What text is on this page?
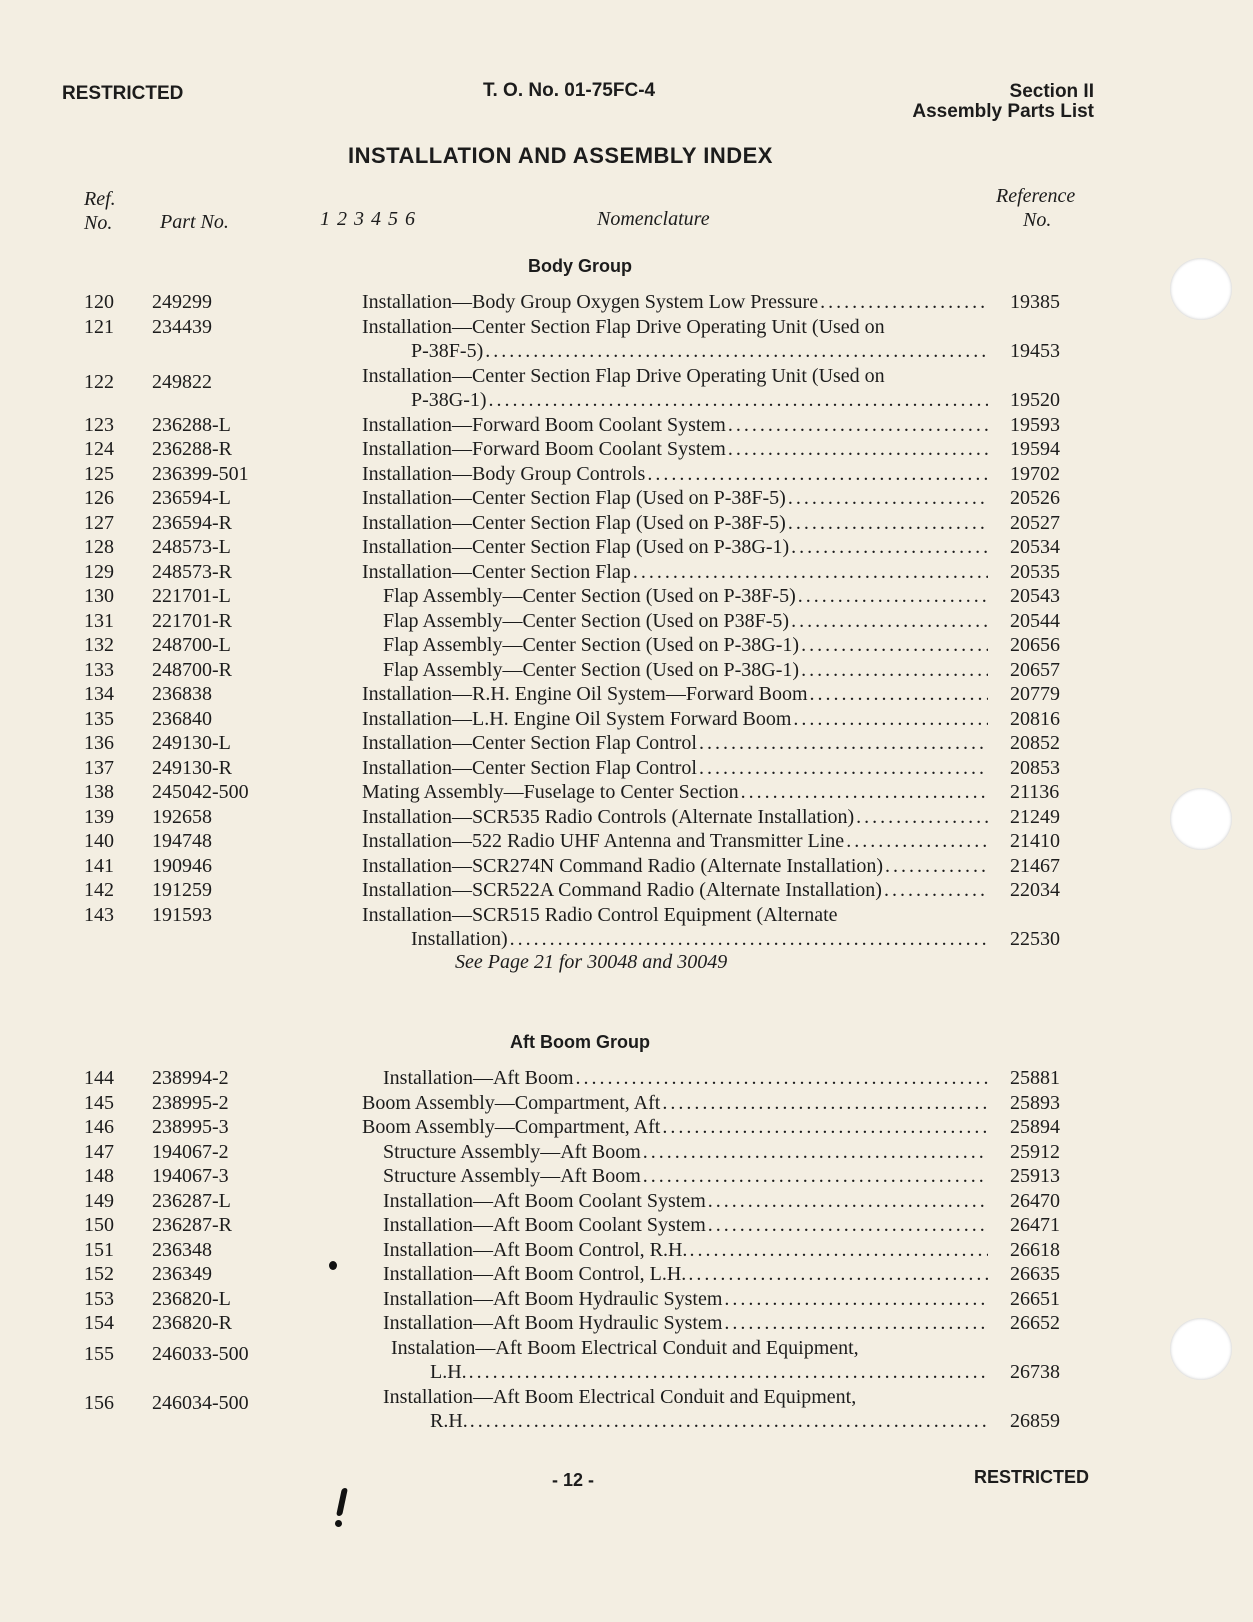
RESTRICTED	T. O. No. 01-75FC-4	Section II
Assembly Parts List
INSTALLATION AND ASSEMBLY INDEX
Ref.
No. Part No.	1 2 3 4 5 6	Nomenclature
Reference
No.
Body Group
120 249299	Installation—Body Group Oxygen System Low Pressure . . .	19385
121 234439	Installation—Center Section Flap Drive Operating Unit (Used on
P-38F-5) . . .	19453
122 249822	Installation—Center Section Flap Drive Operating Unit (Used on
P-38G-1) . . .	19520
123 236288-L	Installation—Forward Boom Coolant System . . .	19593
124 236288-R	Installation—Forward Boom Coolant System . . .	19594
125 236399-501	Installation—Body Group Controls . . .	19702
126 236594-L	Installation—Center Section Flap (Used on P-38F-5) . . .	20526
127 236594-R	Installation—Center Section Flap (Used on P-38F-5) . . .	20527
128 248573-L	Installation—Center Section Flap (Used on P-38G-1) . . .	20534
129 248573-R	Installation—Center Section Flap . . .	20535
130 221701-L	Flap Assembly—Center Section (Used on P-38F-5) . . .	20543
131 221701-R	Flap Assembly—Center Section (Used on P38F-5) . . .	20544
132 248700-L	Flap Assembly—Center Section (Used on P-38G-1) . . .	20656
133 248700-R	Flap Assembly—Center Section (Used on P-38G-1) . . .	20657
134 236838	Installation—R.H. Engine Oil System—Forward Boom . . .	20779
135 236840	Installation—L.H. Engine Oil System Forward Boom . . .	20816
136 249130-L	Installation—Center Section Flap Control . . .	20852
137 249130-R	Installation—Center Section Flap Control . . .	20853
138 245042-500	Mating Assembly—Fuselage to Center Section . . .	21136
139 192658	Installation—SCR535 Radio Controls (Alternate Installation) . . .	21249
140 194748	Installation—522 Radio UHF Antenna and Transmitter Line . . .	21410
141 190946	Installation—SCR274N Command Radio (Alternate Installation) . . .	21467
142 191259	Installation—SCR522A Command Radio (Alternate Installation) . . .	22034
143 191593	Installation—SCR515 Radio Control Equipment (Alternate
Installation) . . .	22530
See Page 21 for 30048 and 30049
Aft Boom Group
144 238994-2	Installation—Aft Boom . . .	25881
145 238995-2	Boom Assembly—Compartment, Aft . . .	25893
146 238995-3	Boom Assembly—Compartment, Aft . . .	25894
147 194067-2	Structure Assembly—Aft Boom . . .	25912
148 194067-3	Structure Assembly—Aft Boom . . .	25913
149 236287-L	Installation—Aft Boom Coolant System . . .	26470
150 236287-R	Installation—Aft Boom Coolant System . . .	26471
151 236348	Installation—Aft Boom Control, R.H. . . .	26618
152 236349	Installation—Aft Boom Control, L.H. . . .	26635
153 236820-L	Installation—Aft Boom Hydraulic System . . .	26651
154 236820-R	Installation—Aft Boom Hydraulic System . . .	26652
155 246033-500	Instalation—Aft Boom Electrical Conduit and Equipment,
L.H. . . .	26738
156 246034-500	Installation—Aft Boom Electrical Conduit and Equipment,
R.H. . . .	26859
- 12 -	RESTRICTED
